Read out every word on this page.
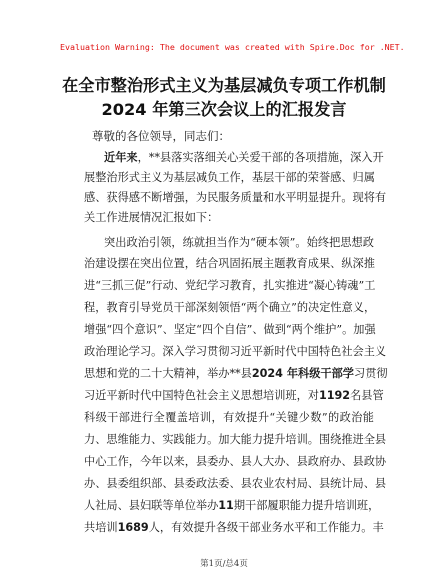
Evaluation Warning: The document was created with Spire.Doc for .NET.
在全市整治形式主义为基层减负专项工作机制
2024 年第三次会议上的汇报发言
尊敬的各位领导，同志们：
近年来，**县落实落细关心关爱干部的各项措施，深入开
展整治形式主义为基层减负工作，基层干部的荣誉感、归属
感、获得感不断增强，为民服务质量和水平明显提升。现将有
关工作进展情况汇报如下：
突出政治引领，练就担当作为“硬本领”。始终把思想政
治建设摆在突出位置，结合巩固拓展主题教育成果、纵深推
进“三抓三促”行动、党纪学习教育，扎实推进“凝心铸魂”工
程，教育引导党员干部深刻领悟“两个确立”的决定性意义，
增强“四个意识”、坚定“四个自信”、做到“两个维护”。加强
政治理论学习。深入学习贯彻习近平新时代中国特色社会主义
思想和党的二十大精神，举办**县2024 年科级干部学习贯彻
习近平新时代中国特色社会主义思想培训班，对1192名县管
科级干部进行全覆盖培训，有效提升“关键少数”的政治能
力、思维能力、实践能力。加大能力提升培训。围绕推进全县
中心工作，今年以来，县委办、县人大办、县政府办、县政协
办、县委组织部、县委政法委、县农业农村局、县统计局、县
人社局、县妇联等单位举办11期干部履职能力提升培训班，
共培训1689人，有效提升各级干部业务水平和工作能力。丰
第1页/总4页
